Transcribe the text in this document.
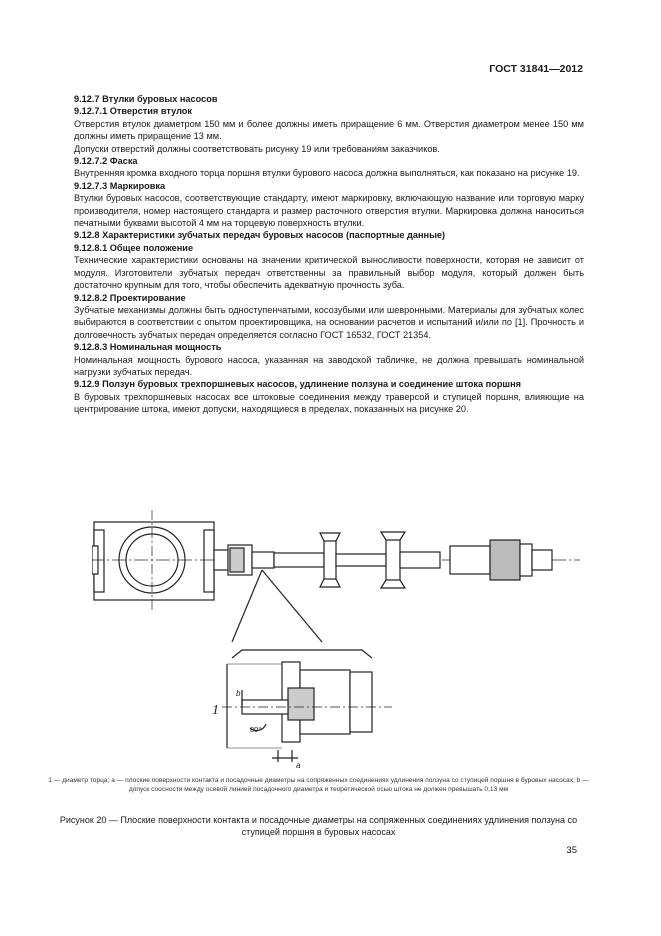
ГОСТ 31841—2012
9.12.7 Втулки буровых насосов
9.12.7.1 Отверстия втулок
Отверстия втулок диаметром 150 мм и более должны иметь приращение 6 мм. Отверстия диаметром менее 150 мм должны иметь приращение 13 мм.
Допуски отверстий должны соответствовать рисунку 19 или требованиям заказчиков.
9.12.7.2 Фаска
Внутренняя кромка входного торца поршня втулки бурового насоса должна выполняться, как показано на рисунке 19.
9.12.7.3 Маркировка
Втулки буровых насосов, соответствующие стандарту, имеют маркировку, включающую название или торговую марку производителя, номер настоящего стандарта и размер расточного отверстия втулки. Маркировка должна наноситься печатными буквами высотой 4 мм на торцевую поверхность втулки.
9.12.8 Характеристики зубчатых передач буровых насосов (паспортные данные)
9.12.8.1 Общее положение
Технические характеристики основаны на значении критической выносливости поверхности, которая не зависит от модуля. Изготовители зубчатых передач ответственны за правильный выбор модуля, который должен быть достаточно крупным для того, чтобы обеспечить адекватную прочность зуба.
9.12.8.2 Проектирование
Зубчатые механизмы должны быть одноступенчатыми, косозубыми или шевронными. Материалы для зубчатых колес выбираются в соответствии с опытом проектировщика, на основании расчетов и испытаний и/или по [1]. Прочность и долговечность зубчатых передач определяется согласно ГОСТ 16532, ГОСТ 21354.
9.12.8.3 Номинальная мощность
Номинальная мощность бурового насоса, указанная на заводской табличке, не должна превышать номинальной нагрузки зубчатых передач.
9.12.9 Ползун буровых трехпоршневых насосов, удлинение ползуна и соединение штока поршня
В буровых трехпоршневых насосах все штоковые соединения между траверсой и ступицей поршня, влияющие на центрирование штока, имеют допуски, находящиеся в пределах, показанных на рисунке 20.
1
b
a
80°
1 — диаметр торца; a — плоские поверхности контакта и посадочные диаметры на сопряженных соединениях удлинения ползуна со ступицей поршня в буровых насосах; b — допуск соосности между осевой линией посадочного диаметра и теоретической осью штока не должен превышать 0,13 мм
Рисунок 20 — Плоские поверхности контакта и посадочные диаметры на сопряженных соединениях удлинения ползуна со ступицей поршня в буровых насосах
35
